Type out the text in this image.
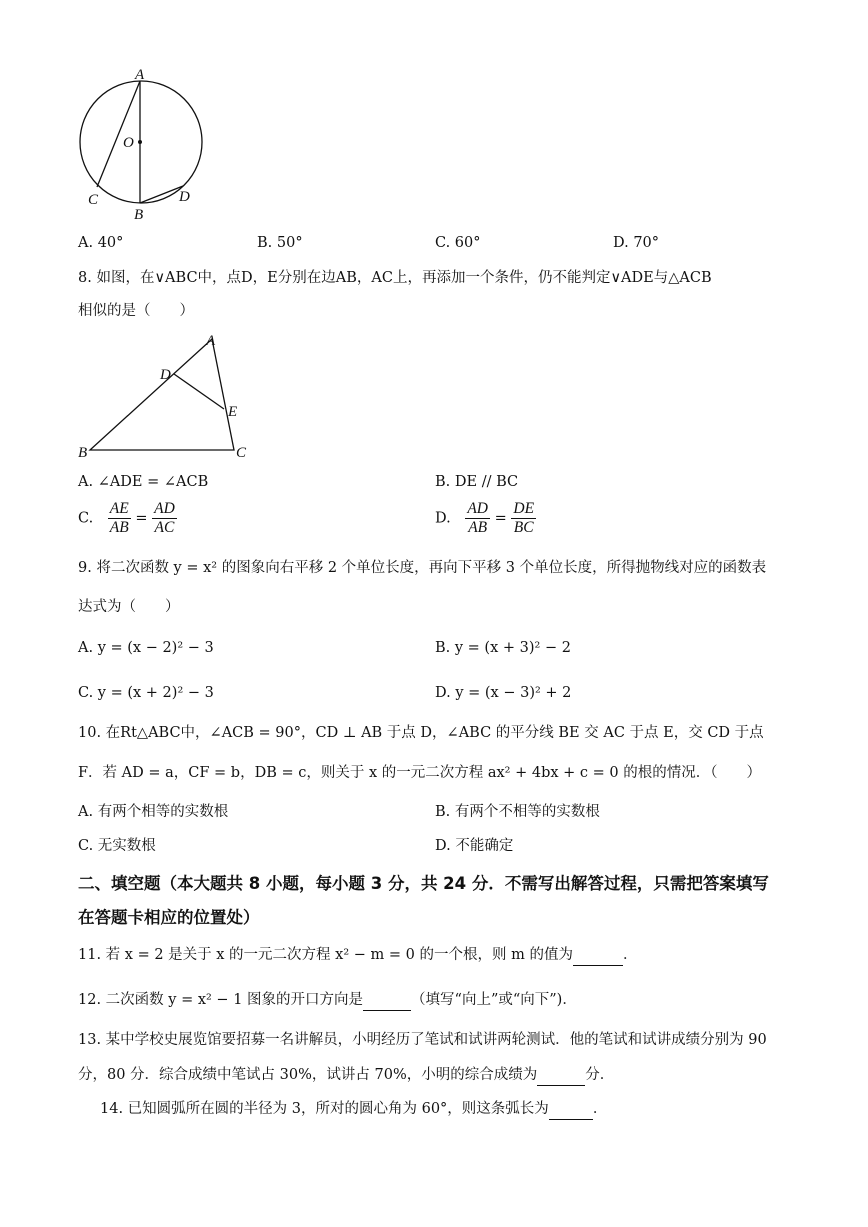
A
O
C
B
D
A. 40°	B. 50°	C. 60°	D. 70°
8. 如图，在∨ABC中，点D，E分别在边AB，AC上，再添加一个条件，仍不能判定∨ADE与△ACB
相似的是（　　）
A
D
E
B	C
A. ∠ADE = ∠ACB	B. DE // BC
C. $\frac{AE}{AB} = \frac{AD}{AC}$	D. $\frac{AD}{AB} = \frac{DE}{BC}$
9. 将二次函数 y = x² 的图象向右平移 2 个单位长度，再向下平移 3 个单位长度，所得抛物线对应的函数表
达式为（　　）
A. y = (x − 2)² − 3	B. y = (x + 3)² − 2
C. y = (x + 2)² − 3	D. y = (x − 3)² + 2
10. 在Rt△ABC中，∠ACB = 90°，CD ⊥ AB 于点 D，∠ABC 的平分线 BE 交 AC 于点 E，交 CD 于点
F．若 AD = a，CF = b，DB = c，则关于 x 的一元二次方程 ax² + 4bx + c = 0 的根的情况．（　　）
A. 有两个相等的实数根	B. 有两个不相等的实数根
C. 无实数根	D. 不能确定
二、填空题（本大题共 8 小题，每小题 3 分，共 24 分．不需写出解答过程，只需把答案填写
在答题卡相应的位置处）
11. 若 x = 2 是关于 x 的一元二次方程 x² − m = 0 的一个根，则 m 的值为	．
12. 二次函数 y = x² − 1 图象的开口方向是	（填写“向上”或“向下”)．
13. 某中学校史展览馆要招募一名讲解员，小明经历了笔试和试讲两轮测试．他的笔试和试讲成绩分别为 90
分，80 分．综合成绩中笔试占 30%，试讲占 70%，小明的综合成绩为	分．
14. 已知圆弧所在圆的半径为 3，所对的圆心角为 60°，则这条弧长为	．
